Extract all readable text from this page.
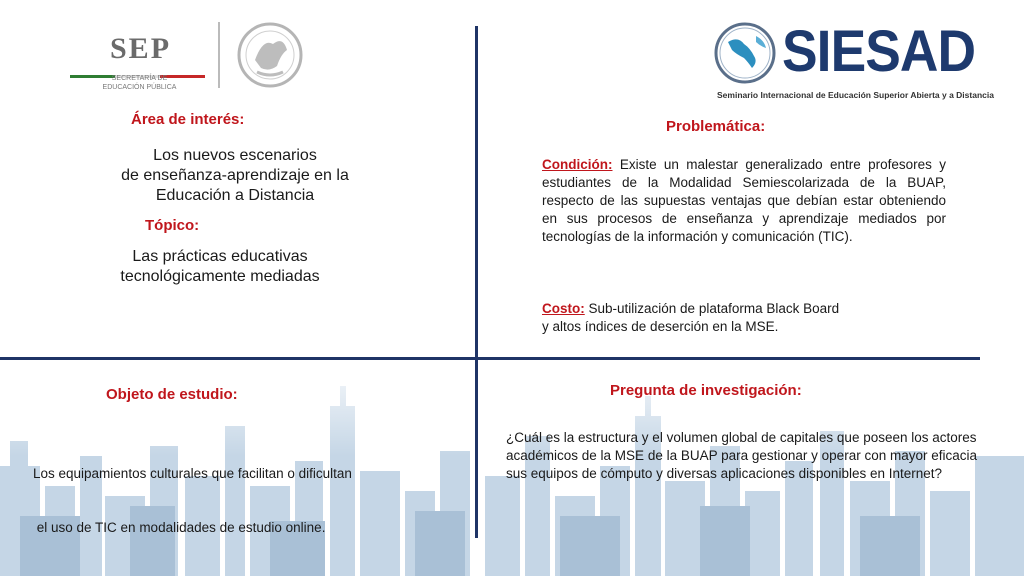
SEP
SECRETARÍA DE
EDUCACIÓN PÚBLICA
SIESAD
Seminario Internacional de Educación Superior Abierta y a Distancia
Área de interés:
Los nuevos escenarios
de enseñanza-aprendizaje en la
Educación a Distancia
Tópico:
Las prácticas educativas
tecnológicamente mediadas
Problemática:
Condición: Existe un malestar generalizado entre profesores y estudiantes de la Modalidad Semiescolarizada de la BUAP, respecto de las supuestas ventajas que debían estar obteniendo en sus procesos de enseñanza y aprendizaje mediados por tecnologías de la información y comunicación (TIC).
Costo: Sub-utilización de plataforma Black Board
y altos índices de deserción en la MSE.
Objeto de estudio:

Los equipamientos culturales que facilitan o dificultan

el uso de TIC en modalidades de estudio online.

Pregunta de investigación:
¿Cuál es la estructura y el volumen global de capitales que poseen los actores académicos de la MSE de la BUAP para gestionar y operar con mayor eficacia sus equipos de cómputo y diversas aplicaciones disponibles en Internet?
